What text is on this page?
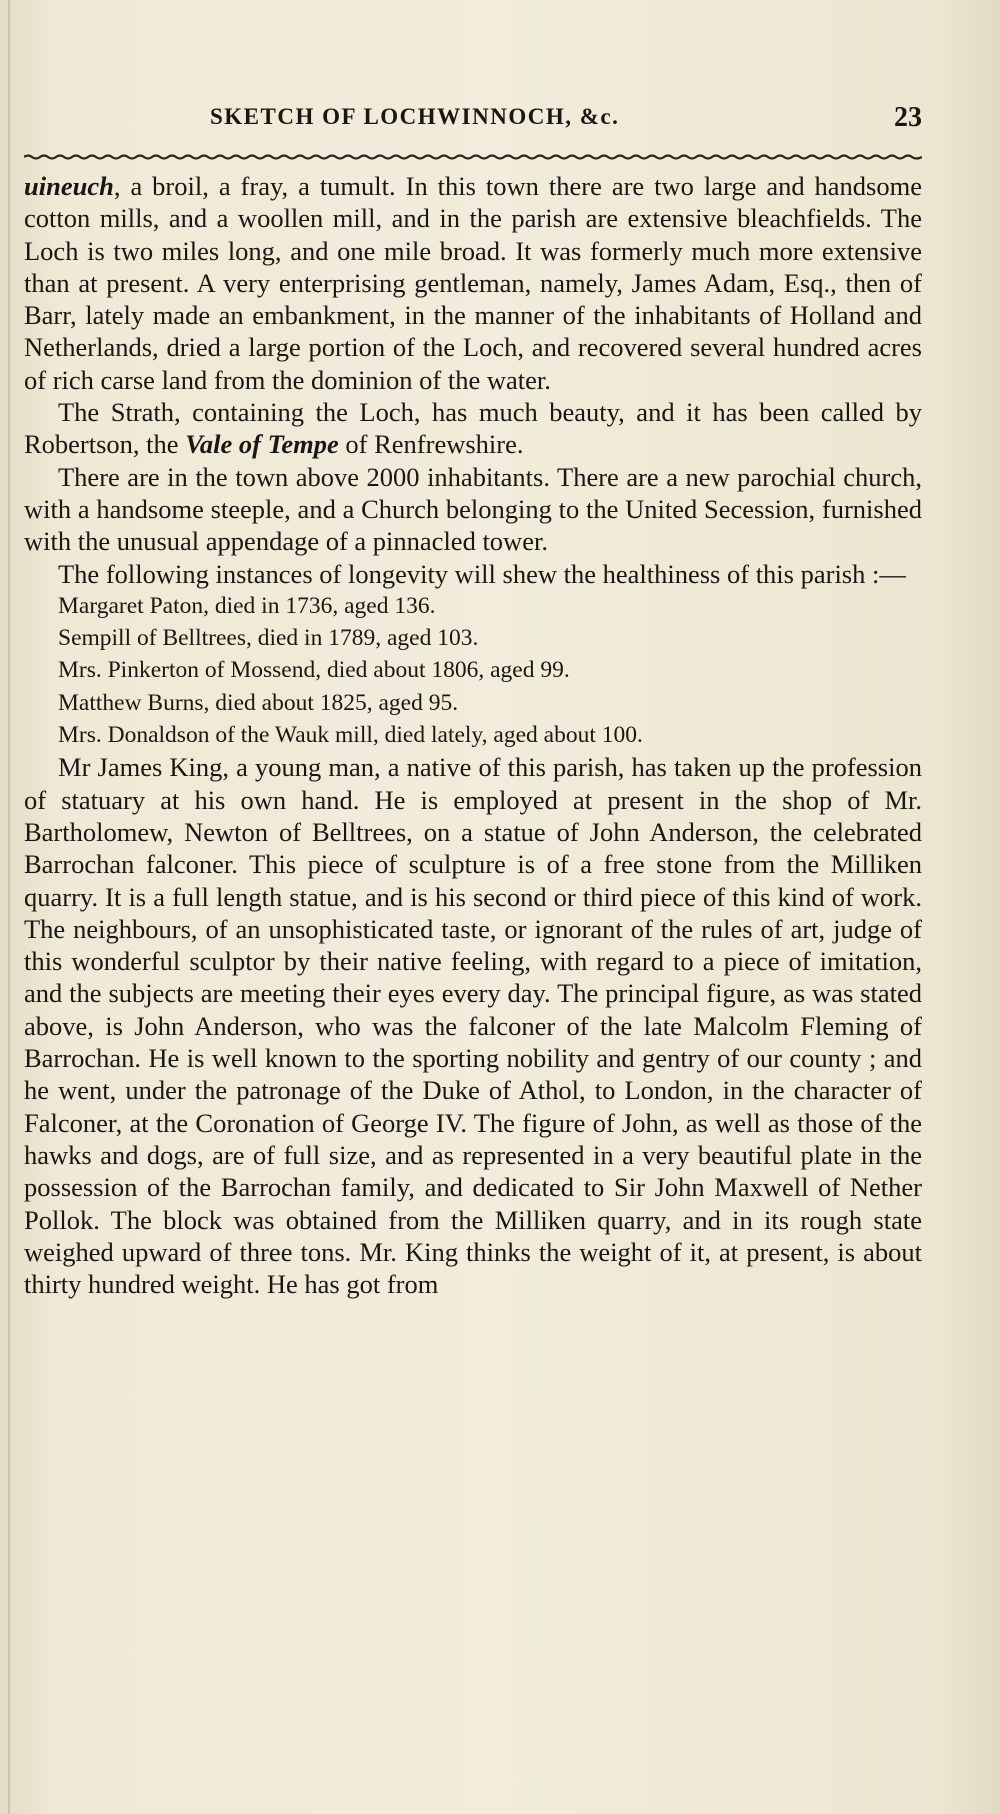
SKETCH OF LOCHWINNOCH, &c.	23

uineuch, a broil, a fray, a tumult. In this town there are two large and handsome cotton mills, and a woollen mill, and in the parish are extensive bleachfields. The Loch is two miles long, and one mile broad. It was formerly much more extensive than at present. A very enterprising gentleman, namely, James Adam, Esq., then of Barr, lately made an embankment, in the manner of the inhabitants of Holland and Netherlands, dried a large portion of the Loch, and recovered several hundred acres of rich carse land from the dominion of the water.

The Strath, containing the Loch, has much beauty, and it has been called by Robertson, the Vale of Tempe of Renfrewshire.

There are in the town above 2000 inhabitants. There are a new parochial church, with a handsome steeple, and a Church belonging to the United Secession, furnished with the unusual appendage of a pinnacled tower.

The following instances of longevity will shew the healthiness of this parish :—

Margaret Paton, died in 1736, aged 136.
Sempill of Belltrees, died in 1789, aged 103.
Mrs. Pinkerton of Mossend, died about 1806, aged 99.
Matthew Burns, died about 1825, aged 95.
Mrs. Donaldson of the Wauk mill, died lately, aged about 100.

Mr James King, a young man, a native of this parish, has taken up the profession of statuary at his own hand. He is employed at present in the shop of Mr. Bartholomew, Newton of Belltrees, on a statue of John Anderson, the celebrated Barrochan falconer. This piece of sculpture is of a free stone from the Milliken quarry. It is a full length statue, and is his second or third piece of this kind of work. The neighbours, of an unsophisticated taste, or ignorant of the rules of art, judge of this wonderful sculptor by their native feeling, with regard to a piece of imitation, and the subjects are meeting their eyes every day. The principal figure, as was stated above, is John Anderson, who was the falconer of the late Malcolm Fleming of Barrochan. He is well known to the sporting nobility and gentry of our county ; and he went, under the patronage of the Duke of Athol, to London, in the character of Falconer, at the Coronation of George IV. The figure of John, as well as those of the hawks and dogs, are of full size, and as represented in a very beautiful plate in the possession of the Barrochan family, and dedicated to Sir John Maxwell of Nether Pollok. The block was obtained from the Milliken quarry, and in its rough state weighed upward of three tons. Mr. King thinks the weight of it, at present, is about thirty hundred weight. He has got from
